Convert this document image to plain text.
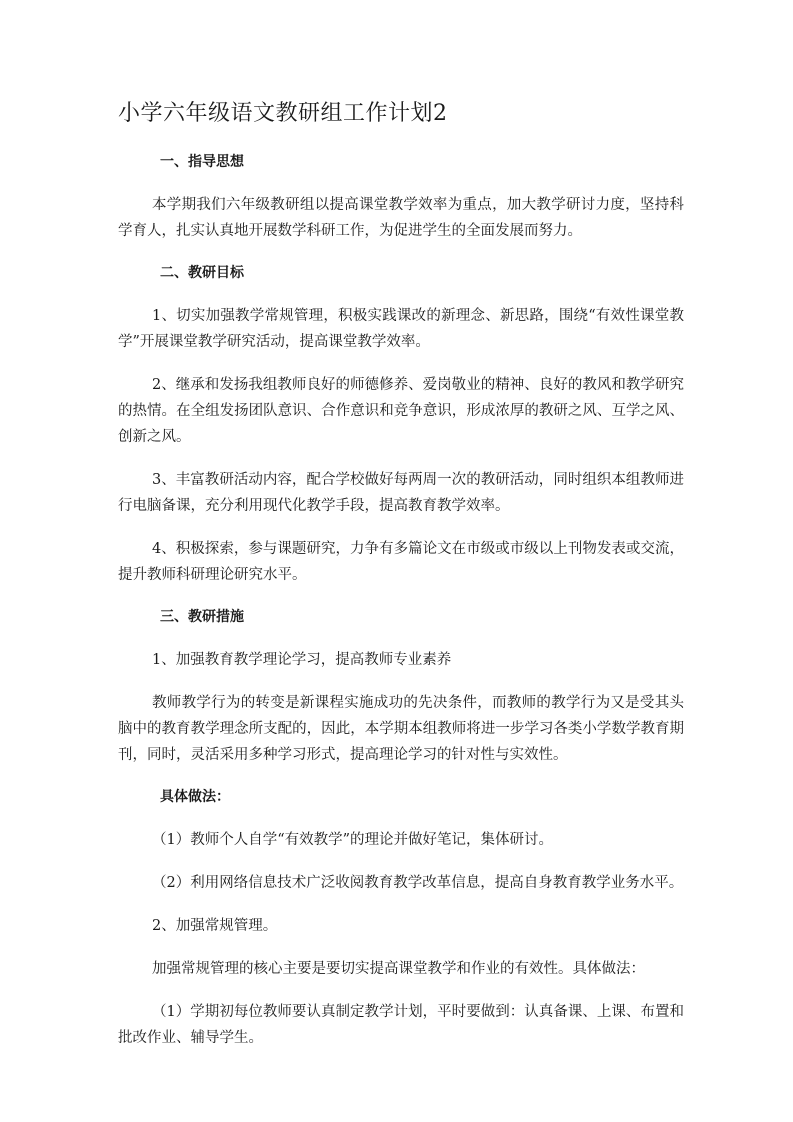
小学六年级语文教研组工作计划2
一、指导思想

本学期我们六年级教研组以提高课堂教学效率为重点，加大教学研讨力度，坚持科学育人，扎实认真地开展数学科研工作，为促进学生的全面发展而努力。

二、教研目标

1、切实加强教学常规管理，积极实践课改的新理念、新思路，围绕“有效性课堂教学”开展课堂教学研究活动，提高课堂教学效率。

2、继承和发扬我组教师良好的师德修养、爱岗敬业的精神、良好的教风和教学研究的热情。在全组发扬团队意识、合作意识和竞争意识，形成浓厚的教研之风、互学之风、创新之风。

3、丰富教研活动内容，配合学校做好每两周一次的教研活动，同时组织本组教师进行电脑备课，充分利用现代化教学手段，提高教育教学效率。

4、积极探索，参与课题研究，力争有多篇论文在市级或市级以上刊物发表或交流，提升教师科研理论研究水平。

三、教研措施

1、加强教育教学理论学习，提高教师专业素养

教师教学行为的转变是新课程实施成功的先决条件，而教师的教学行为又是受其头脑中的教育教学理念所支配的，因此，本学期本组教师将进一步学习各类小学数学教育期刊，同时，灵活采用多种学习形式，提高理论学习的针对性与实效性。

具体做法：

（1）教师个人自学“有效教学”的理论并做好笔记，集体研讨。

（2）利用网络信息技术广泛收阅教育教学改革信息，提高自身教育教学业务水平。

2、加强常规管理。

加强常规管理的核心主要是要切实提高课堂教学和作业的有效性。具体做法：

（1）学期初每位教师要认真制定教学计划，平时要做到：认真备课、上课、布置和批改作业、辅导学生。
